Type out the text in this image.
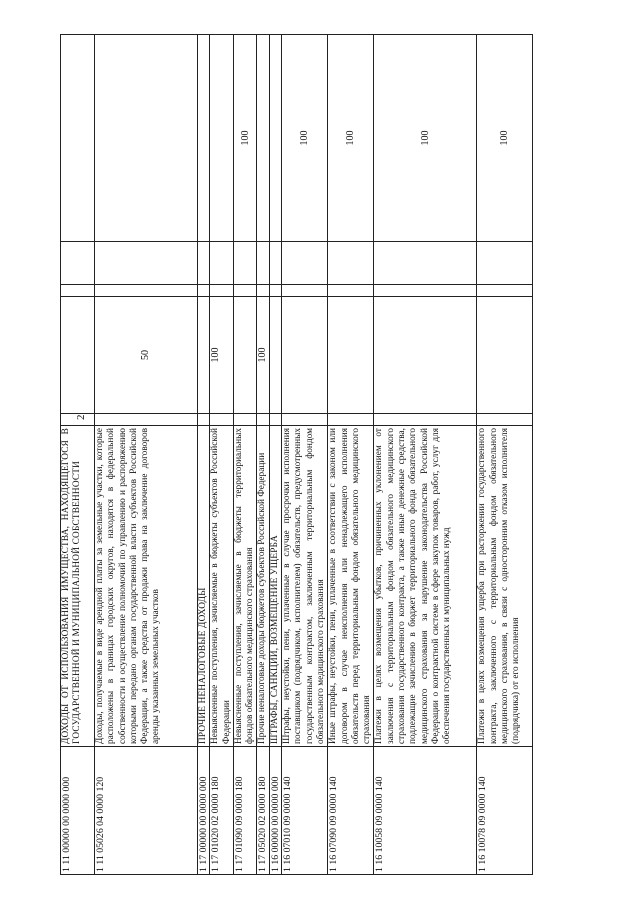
2
1 11 00000 00 0000 000	ДОХОДЫ ОТ ИСПОЛЬЗОВАНИЯ ИМУЩЕСТВА, НАХОДЯЩЕГОСЯ В ГОСУДАРСТВЕННОЙ И МУНИЦИПАЛЬНОЙ СОБСТВЕННОСТИ					
1 11 05026 04 0000 120	Доходы, получаемые в виде арендной платы за земельные участки, которые расположены в границах городских округов, находятся в федеральной собственности и осуществление полномочий по управлению и распоряжению которыми передано органам государственной власти субъектов Российской Федерации, а также средства от продажи права на заключение договоров аренды указанных земельных участков		50			
1 17 00000 00 0000 000	ПРОЧИЕ НЕНАЛОГОВЫЕ ДОХОДЫ					
1 17 01020 02 0000 180	Невыясненные поступления, зачисляемые в бюджеты субъектов Российской Федерации		100			
1 17 01090 09 0000 180	Невыясненные поступления, зачисляемые в бюджеты территориальных фондов обязательного медицинского страхования					100
1 17 05020 02 0000 180	Прочие неналоговые доходы бюджетов субъектов Российской Федерации		100			
1 16 00000 00 0000 000	ШТРАФЫ, САНКЦИИ, ВОЗМЕЩЕНИЕ УЩЕРБА					
1 16 07010 09 0000 140	Штрафы, неустойки, пени, уплаченные в случае просрочки исполнения поставщиком (подрядчиком, исполнителем) обязательств, предусмотренных государственным контрактом, заключенным территориальным фондом обязательного медицинского страхования					100
1 16 07090 09 0000 140	Иные штрафы, неустойки, пени, уплаченные в соответствии с законом или договором в случае неисполнения или ненадлежащего исполнения обязательств перед территориальным фондом обязательного медицинского страхования					100
1 16 10058 09 0000 140	Платежи в целях возмещения убытков, причиненных уклонением от заключения с территориальным фондом обязательного медицинского страхования государственного контракта, а также иные денежные средства, подлежащие зачислению в бюджет территориального фонда обязательного медицинского страхования за нарушение законодательства Российской Федерации о контрактной системе в сфере закупок товаров, работ, услуг для обеспечения государственных и муниципальных нужд					100
1 16 10078 09 0000 140	Платежи в целях возмещения ущерба при расторжении государственного контракта, заключенного с территориальным фондом обязательного медицинского страхования, в связи с односторонним отказом исполнителя (подрядчика) от его исполнения					100
